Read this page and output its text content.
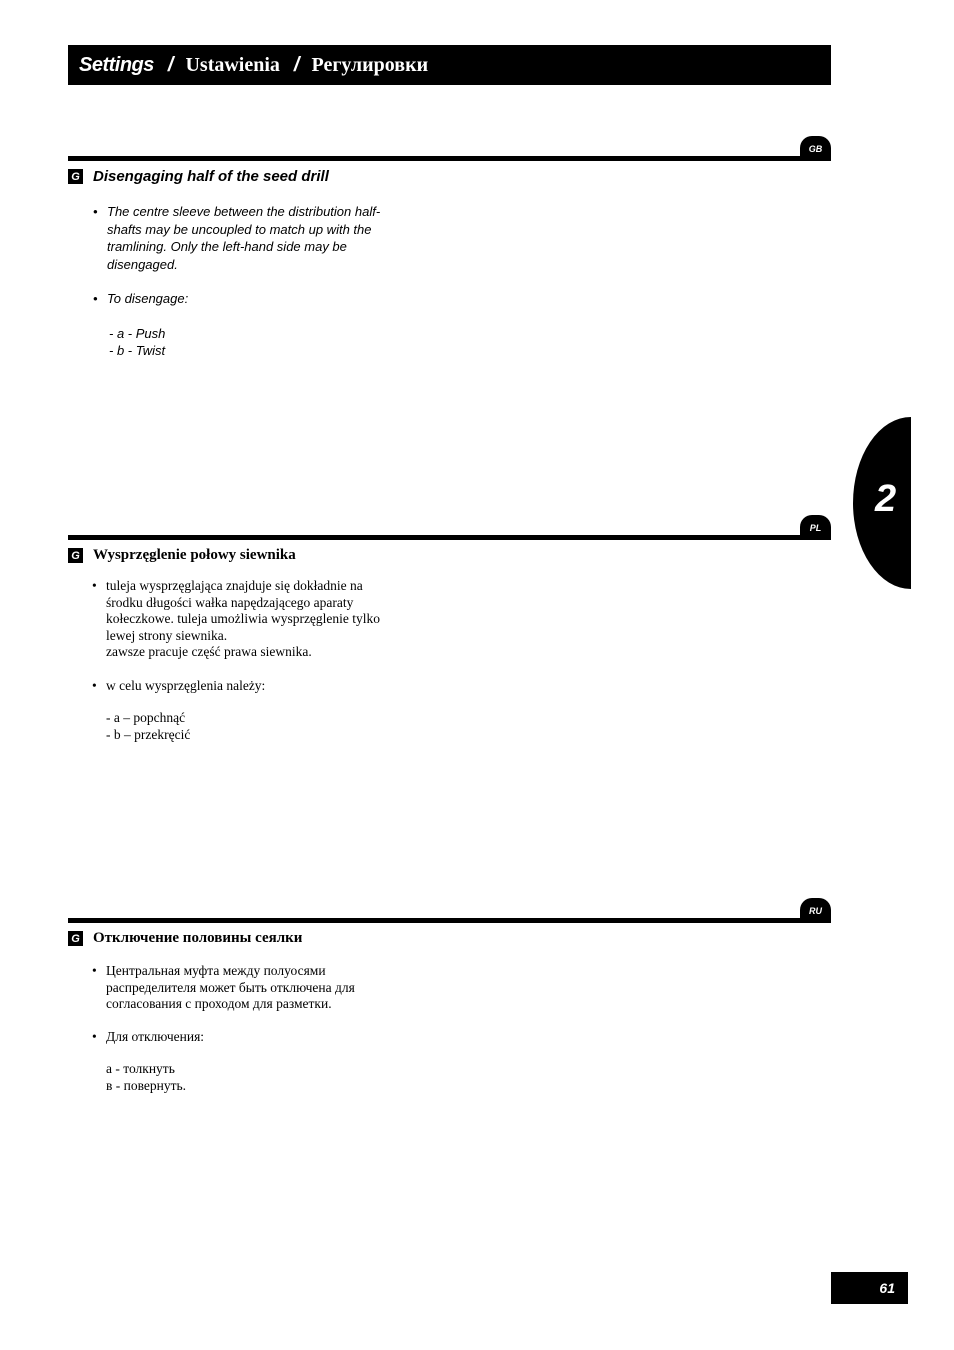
Settings / Ustawienia / Регулировки
GB
G Disengaging half of the seed drill
• The centre sleeve between the distribution half-
shafts may be uncoupled to match up with the
tramlining. Only the left-hand side may be
disengaged.
• To disengage:
- a - Push
- b - Twist
PL
G Wysprzęglenie połowy siewnika
• tuleja wysprzęglająca znajduje się dokładnie na
środku długości wałka napędzającego aparaty
kołeczkowe. tuleja umożliwia wysprzęglenie tylko
lewej strony siewnika.
zawsze pracuje część prawa siewnika.
• w celu wysprzęglenia należy:
- a – popchnąć
- b – przekręcić
RU
G Отключение половины сеялки
• Центральная муфта между полуосями
распределителя может быть отключена для
согласования с проходом для разметки.
• Для отключения:
а - толкнуть
в - повернуть.
2
61
